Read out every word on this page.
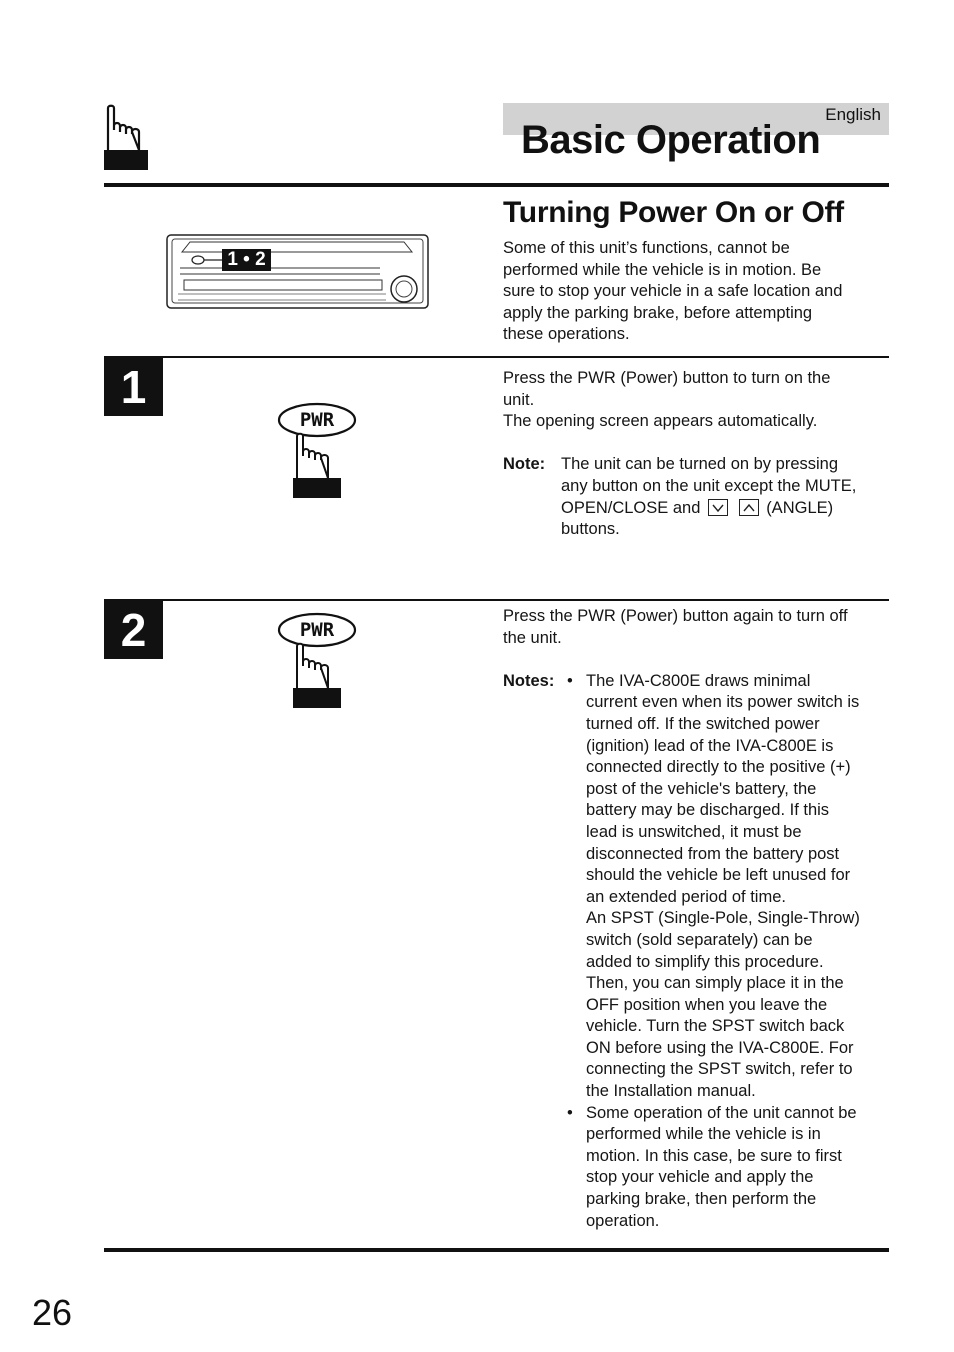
English
Basic Operation
1 • 2
Turning Power On or Off
Some of this unit’s functions, cannot be
performed while the vehicle is in motion. Be
sure to stop your vehicle in a safe location and
apply the parking brake, before attempting
these operations.
1
PWR
Press the PWR (Power) button to turn on the
unit.
The opening screen appears automatically.
Note: The unit can be turned on by pressing
any button on the unit except the MUTE,
OPEN/CLOSE and
	(ANGLE)
buttons.
2	PWR
Press the PWR (Power) button again to turn off
the unit.
Notes: • The IVA-C800E draws minimal
current even when its power switch is
turned off. If the switched power
(ignition) lead of the IVA-C800E is
connected directly to the positive (+)
post of the vehicle's battery, the
battery may be discharged. If this
lead is unswitched, it must be
disconnected from the battery post
should the vehicle be left unused for
an extended period of time.
An SPST (Single-Pole, Single-Throw)
switch (sold separately) can be
added to simplify this procedure.
Then, you can simply place it in the
OFF position when you leave the
vehicle. Turn the SPST switch back
ON before using the IVA-C800E. For
connecting the SPST switch, refer to
the Installation manual.
• Some operation of the unit cannot be
performed while the vehicle is in
motion. In this case, be sure to first
stop your vehicle and apply the
parking brake, then perform the
operation.
26
